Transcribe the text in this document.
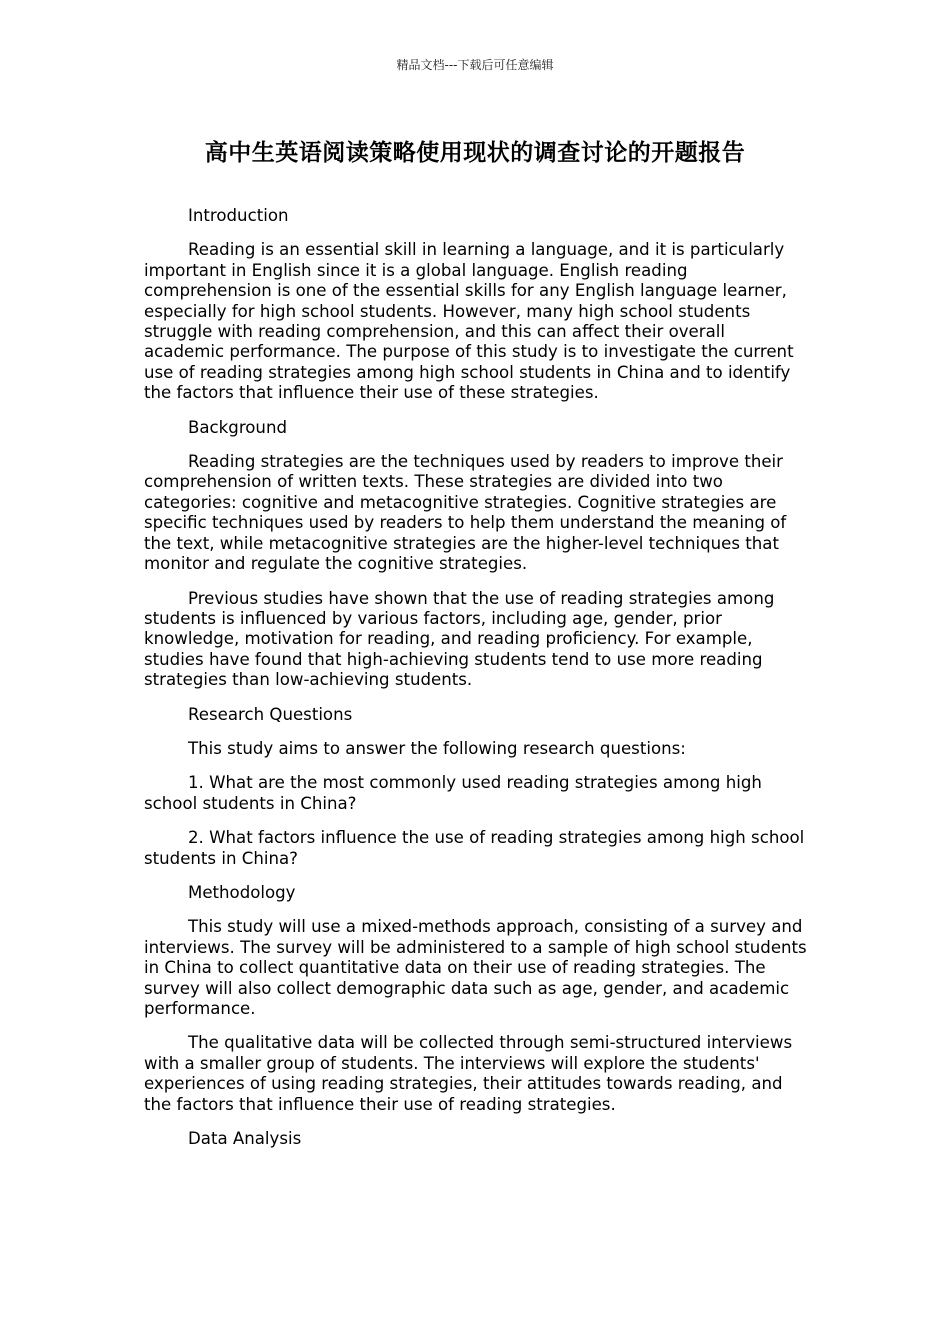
精品文档---下载后可任意编辑
高中生英语阅读策略使用现状的调查讨论的开题报告

Introduction

Reading is an essential skill in learning a language, and it is particularly important in English since it is a global language. English reading comprehension is one of the essential skills for any English language learner, especially for high school students. However, many high school students struggle with reading comprehension, and this can affect their overall academic performance. The purpose of this study is to investigate the current use of reading strategies among high school students in China and to identify the factors that influence their use of these strategies.

Background

Reading strategies are the techniques used by readers to improve their comprehension of written texts. These strategies are divided into two categories: cognitive and metacognitive strategies. Cognitive strategies are specific techniques used by readers to help them understand the meaning of the text, while metacognitive strategies are the higher-level techniques that monitor and regulate the cognitive strategies.

Previous studies have shown that the use of reading strategies among students is influenced by various factors, including age, gender, prior knowledge, motivation for reading, and reading proficiency. For example, studies have found that high-achieving students tend to use more reading strategies than low-achieving students.

Research Questions

This study aims to answer the following research questions:

1. What are the most commonly used reading strategies among high school students in China?

2. What factors influence the use of reading strategies among high school students in China?

Methodology

This study will use a mixed-methods approach, consisting of a survey and interviews. The survey will be administered to a sample of high school students in China to collect quantitative data on their use of reading strategies. The survey will also collect demographic data such as age, gender, and academic performance.

The qualitative data will be collected through semi-structured interviews with a smaller group of students. The interviews will explore the students' experiences of using reading strategies, their attitudes towards reading, and the factors that influence their use of reading strategies.

Data Analysis
